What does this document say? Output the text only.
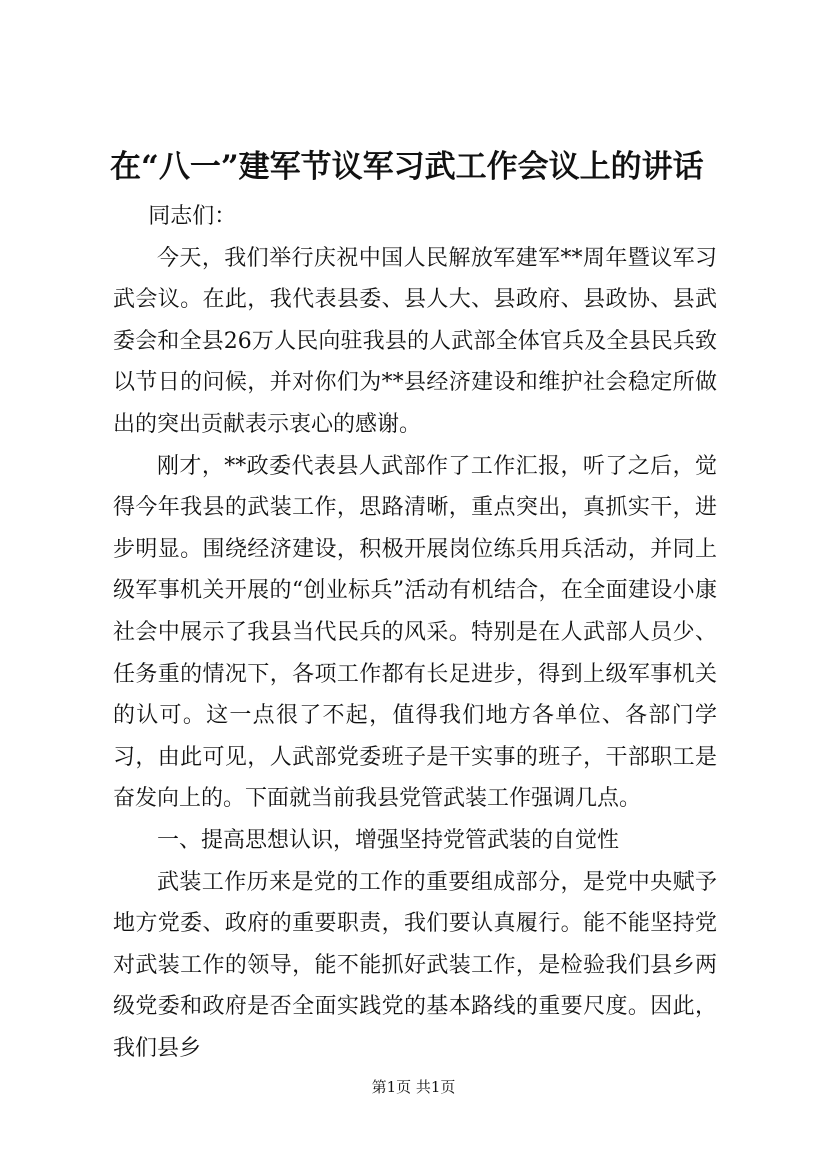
在“八一”建军节议军习武工作会议上的讲话

同志们：

今天，我们举行庆祝中国人民解放军建军**周年暨议军习武会议。在此，我代表县委、县人大、县政府、县政协、县武委会和全县26万人民向驻我县的人武部全体官兵及全县民兵致以节日的问候，并对你们为**县经济建设和维护社会稳定所做出的突出贡献表示衷心的感谢。

刚才，**政委代表县人武部作了工作汇报，听了之后，觉得今年我县的武装工作，思路清晰，重点突出，真抓实干，进步明显。围绕经济建设，积极开展岗位练兵用兵活动，并同上级军事机关开展的“创业标兵”活动有机结合，在全面建设小康社会中展示了我县当代民兵的风采。特别是在人武部人员少、任务重的情况下，各项工作都有长足进步，得到上级军事机关的认可。这一点很了不起，值得我们地方各单位、各部门学习，由此可见，人武部党委班子是干实事的班子，干部职工是奋发向上的。下面就当前我县党管武装工作强调几点。

一、提高思想认识，增强坚持党管武装的自觉性

武装工作历来是党的工作的重要组成部分，是党中央赋予地方党委、政府的重要职责，我们要认真履行。能不能坚持党对武装工作的领导，能不能抓好武装工作，是检验我们县乡两级党委和政府是否全面实践党的基本路线的重要尺度。因此，我们县乡

第1页 共1页
